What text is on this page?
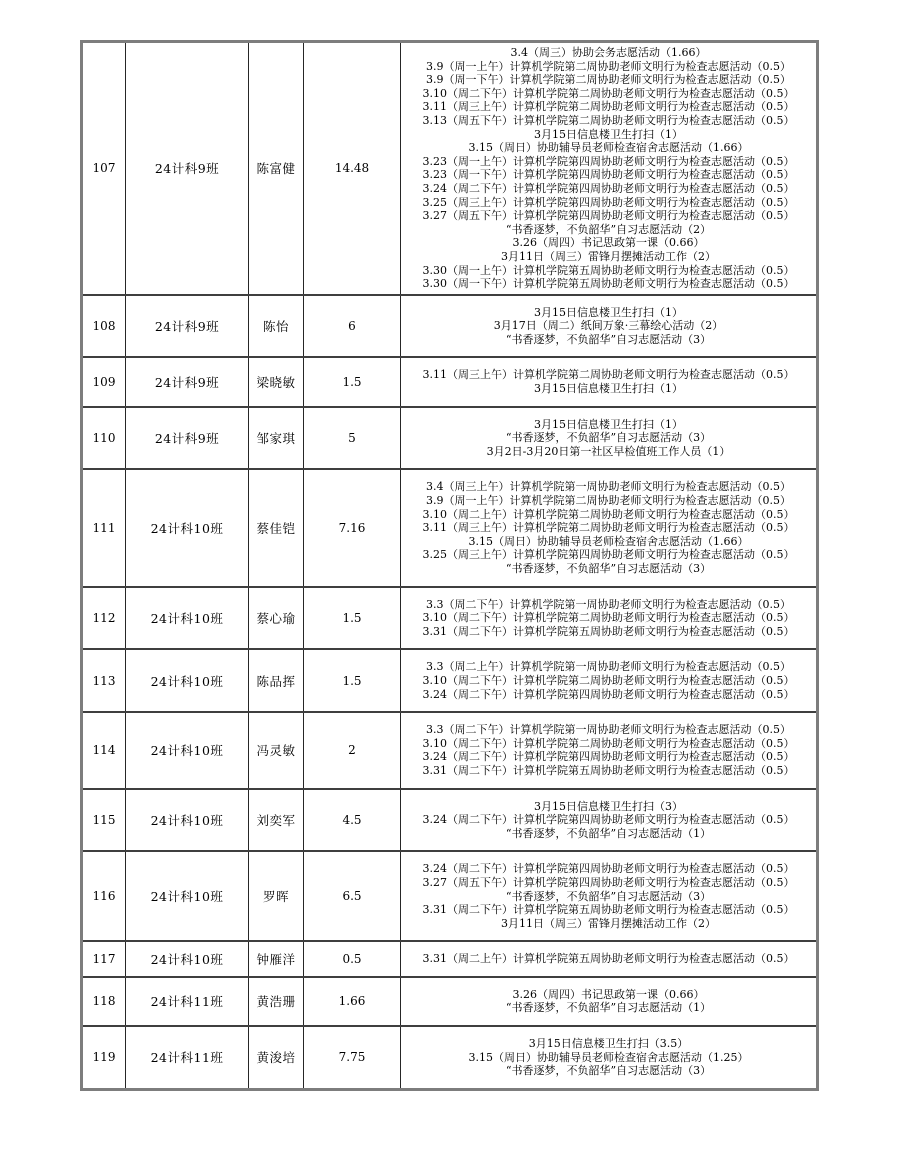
107	24计科9班	陈富健	14.48	
3.4（周三）协助会务志愿活动（1.66）
3.9（周一上午）计算机学院第二周协助老师文明行为检查志愿活动（0.5）
3.9（周一下午）计算机学院第二周协助老师文明行为检查志愿活动（0.5）
3.10（周二下午）计算机学院第二周协助老师文明行为检查志愿活动（0.5）
3.11（周三上午）计算机学院第二周协助老师文明行为检查志愿活动（0.5）
3.13（周五下午）计算机学院第二周协助老师文明行为检查志愿活动（0.5）
3月15日信息楼卫生打扫（1）
3.15（周日）协助辅导员老师检查宿舍志愿活动（1.66）
3.23（周一上午）计算机学院第四周协助老师文明行为检查志愿活动（0.5）
3.23（周一下午）计算机学院第四周协助老师文明行为检查志愿活动（0.5）
3.24（周二下午）计算机学院第四周协助老师文明行为检查志愿活动（0.5）
3.25（周三上午）计算机学院第四周协助老师文明行为检查志愿活动（0.5）
3.27（周五下午）计算机学院第四周协助老师文明行为检查志愿活动（0.5）
“书香逐梦，不负韶华”自习志愿活动（2）
3.26（周四）书记思政第一课（0.66）
3月11日（周三）雷锋月摆摊活动工作（2）
3.30（周一上午）计算机学院第五周协助老师文明行为检查志愿活动（0.5）
3.30（周一下午）计算机学院第五周协助老师文明行为检查志愿活动（0.5）

108	24计科9班	陈怡	6	3月15日信息楼卫生打扫（1）
3月17日（周二）纸间万象·三幕绘心活动（2）
“书香逐梦，不负韶华”自习志愿活动（3）

109	24计科9班	梁晓敏	1.5	3.11（周三上午）计算机学院第二周协助老师文明行为检查志愿活动（0.5）
3月15日信息楼卫生打扫（1）

110	24计科9班	邹家琪	5	3月15日信息楼卫生打扫（1）
“书香逐梦，不负韶华”自习志愿活动（3）
3月2日-3月20日第一社区早检值班工作人员（1）

111	24计科10班	蔡佳铠	7.16	
3.4（周三上午）计算机学院第一周协助老师文明行为检查志愿活动（0.5）
3.9（周一上午）计算机学院第二周协助老师文明行为检查志愿活动（0.5）
3.10（周二上午）计算机学院第二周协助老师文明行为检查志愿活动（0.5）
3.11（周三上午）计算机学院第二周协助老师文明行为检查志愿活动（0.5）
3.15（周日）协助辅导员老师检查宿舍志愿活动（1.66）
3.25（周三上午）计算机学院第四周协助老师文明行为检查志愿活动（0.5）
“书香逐梦，不负韶华”自习志愿活动（3）

112	24计科10班	蔡心瑜	1.5	3.3（周二下午）计算机学院第一周协助老师文明行为检查志愿活动（0.5）
3.10（周二下午）计算机学院第二周协助老师文明行为检查志愿活动（0.5）
3.31（周二下午）计算机学院第五周协助老师文明行为检查志愿活动（0.5）

113	24计科10班	陈品挥	1.5	3.3（周二上午）计算机学院第一周协助老师文明行为检查志愿活动（0.5）
3.10（周二下午）计算机学院第二周协助老师文明行为检查志愿活动（0.5）
3.24（周二下午）计算机学院第四周协助老师文明行为检查志愿活动（0.5）

114	24计科10班	冯灵敏	2	3.3（周二下午）计算机学院第一周协助老师文明行为检查志愿活动（0.5）
3.10（周二下午）计算机学院第二周协助老师文明行为检查志愿活动（0.5）
3.24（周二下午）计算机学院第四周协助老师文明行为检查志愿活动（0.5）
3.31（周二下午）计算机学院第五周协助老师文明行为检查志愿活动（0.5）

115	24计科10班	刘奕军	4.5	3月15日信息楼卫生打扫（3）
3.24（周二下午）计算机学院第四周协助老师文明行为检查志愿活动（0.5）
“书香逐梦，不负韶华”自习志愿活动（1）

116	24计科10班	罗晖	6.5	3.24（周二下午）计算机学院第四周协助老师文明行为检查志愿活动（0.5）
3.27（周五下午）计算机学院第四周协助老师文明行为检查志愿活动（0.5）
“书香逐梦，不负韶华”自习志愿活动（3）
3.31（周二下午）计算机学院第五周协助老师文明行为检查志愿活动（0.5）
3月11日（周三）雷锋月摆摊活动工作（2）

117	24计科10班	钟雁洋	0.5	3.31（周二上午）计算机学院第五周协助老师文明行为检查志愿活动（0.5）

118	24计科11班	黄浩珊	1.66	3.26（周四）书记思政第一课（0.66）
“书香逐梦，不负韶华”自习志愿活动（1）

119	24计科11班	黄浚培	7.75	3月15日信息楼卫生打扫（3.5）
3.15（周日）协助辅导员老师检查宿舍志愿活动（1.25）
“书香逐梦，不负韶华”自习志愿活动（3）
